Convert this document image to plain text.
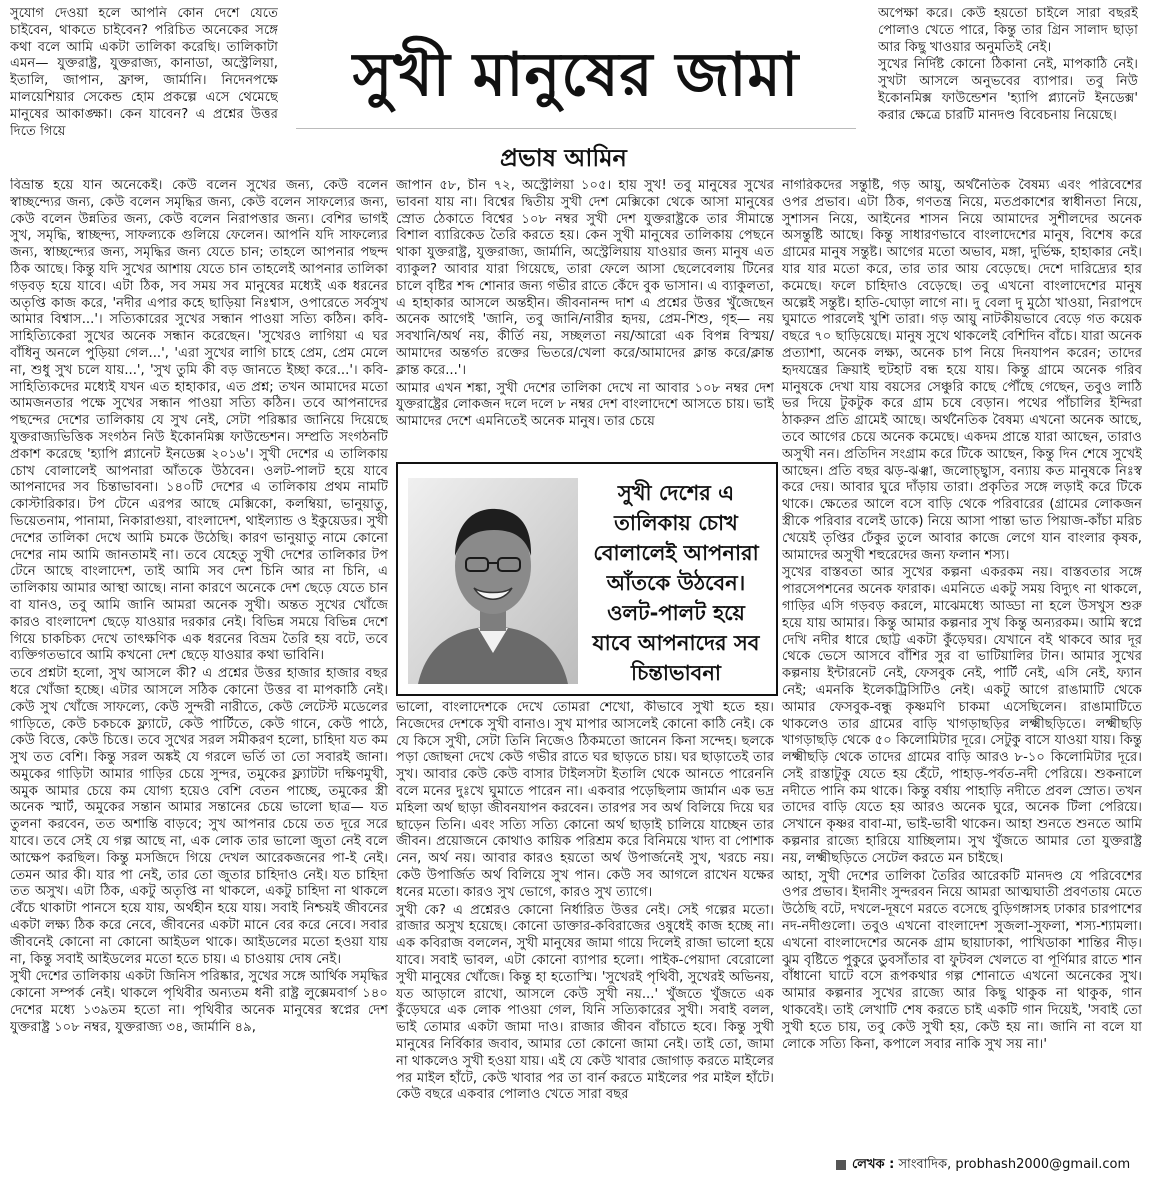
সুযোগ দেওয়া হলে আপনি কোন দেশে যেতে চাইবেন, থাকতে চাইবেন? পরিচিত অনেকের সঙ্গে কথা বলে আমি একটা তালিকা করেছি। তালিকাটা এমন— যুক্তরাষ্ট্র, যুক্তরাজ্য, কানাডা, অস্ট্রেলিয়া, ইতালি, জাপান, ফ্রান্স, জার্মানি। নিদেনপক্ষে মালয়েশিয়ার সেকেন্ড হোম প্রকল্পে এসে থেমেছে মানুষের আকাঙ্ক্ষা। কেন যাবেন? এ প্রশ্নের উত্তর দিতে গিয়ে

সুখী মানুষের জামা
প্রভাষ আমিন

বিভ্রান্ত হয়ে যান অনেকেই। কেউ বলেন সুখের জন্য, কেউ বলেন স্বাচ্ছন্দ্যের জন্য, কেউ বলেন সমৃদ্ধির জন্য, কেউ বলেন সাফল্যের জন্য, কেউ বলেন উন্নতির জন্য, কেউ বলেন নিরাপত্তার জন্য। বেশির ভাগই সুখ, সমৃদ্ধি, স্বাচ্ছন্দ্য, সাফল্যকে গুলিয়ে ফেলেন। আপনি যদি সাফল্যের জন্য, স্বাচ্ছন্দ্যের জন্য, সমৃদ্ধির জন্য যেতে চান; তাহলে আপনার পছন্দ ঠিক আছে। কিন্তু যদি সুখের আশায় যেতে চান তাহলেই আপনার তালিকা গড়বড় হয়ে যাবে। এটা ঠিক, সব সময় সব মানুষের মধ্যেই এক ধরনের অতৃপ্তি কাজ করে, 'নদীর এপার কহে ছাড়িয়া নিঃশ্বাস, ওপারেতে সর্বসুখ আমার বিশ্বাস...'। সত্যিকারের সুখের সন্ধান পাওয়া সত্যি কঠিন। কবি-সাহিত্যিকেরা সুখের অনেক সন্ধান করেছেন। 'সুখেরও লাগিয়া এ ঘর বাঁধিনু অনলে পুড়িয়া গেল...', 'এরা সুখের লাগি চাহে প্রেম, প্রেম মেলে না, শুধু সুখ চলে যায়...', 'সুখ তুমি কী বড় জানতে ইচ্ছা করে...'। কবি-সাহিত্যিকদের মধ্যেই যখন এত হাহাকার, এত প্রশ্ন; তখন আমাদের মতো আমজনতার পক্ষে সুখের সন্ধান পাওয়া সত্যি কঠিন। তবে আপনাদের পছন্দের দেশের তালিকায় যে সুখ নেই, সেটা পরিষ্কার জানিয়ে দিয়েছে যুক্তরাজ্যভিত্তিক সংগঠন নিউ ইকোনমিক্স ফাউন্ডেশন। সম্প্রতি সংগঠনটি প্রকাশ করেছে 'হ্যাপি প্ল্যানেট ইনডেক্স ২০১৬'। সুখী দেশের এ তালিকায় চোখ বোলালেই আপনারা আঁতকে উঠবেন। ওলট-পালট হয়ে যাবে আপনাদের সব চিন্তাভাবনা। ১৪০টি দেশের এ তালিকায় প্রথম নামটি কোস্টারিকার। টপ টেনে এরপর আছে মেক্সিকো, কলম্বিয়া, ভানুয়াতু, ভিয়েতনাম, পানামা, নিকারাগুয়া, বাংলাদেশ, থাইল্যান্ড ও ইকুয়েডর। সুখী দেশের তালিকা দেখে আমি চমকে উঠেছি। কারণ ভানুয়াতু নামে কোনো দেশের নাম আমি জানতামই না। তবে যেহেতু সুখী দেশের তালিকার টপ টেনে আছে বাংলাদেশ, তাই আমি সব দেশ চিনি আর না চিনি, এ তালিকায় আমার আস্থা আছে। নানা কারণে অনেকে দেশ ছেড়ে যেতে চান বা যানও, তবু আমি জানি আমরা অনেক সুখী। অন্তত সুখের খোঁজে কারও বাংলাদেশ ছেড়ে যাওয়ার দরকার নেই। বিভিন্ন সময়ে বিভিন্ন দেশে গিয়ে চাকচিক্য দেখে তাৎক্ষণিক এক ধরনের বিভ্রম তৈরি হয় বটে, তবে ব্যক্তিগতভাবে আমি কখনো দেশ ছেড়ে যাওয়ার কথা ভাবিনি।

তবে প্রশ্নটা হলো, সুখ আসলে কী? এ প্রশ্নের উত্তর হাজার হাজার বছর ধরে খোঁজা হচ্ছে। এটার আসলে সঠিক কোনো উত্তর বা মাপকাঠি নেই। কেউ সুখ খোঁজে সাফল্যে, কেউ সুন্দরী নারীতে, কেউ লেটেস্ট মডেলের গাড়িতে, কেউ চকচকে ফ্ল্যাটে, কেউ পার্টিতে, কেউ গানে, কেউ পাঠে, কেউ বিত্তে, কেউ চিত্তে। তবে সুখের সরল সমীকরণ হলো, চাহিদা যত কম সুখ তত বেশি। কিন্তু সরল অঙ্কই যে গরলে ভর্তি তা তো সবারই জানা। অমুকের গাড়িটা আমার গাড়ির চেয়ে সুন্দর, তমুকের ফ্ল্যাটটা দক্ষিণমুখী, অমুক আমার চেয়ে কম যোগ্য হয়েও বেশি বেতন পাচ্ছে, তমুকের স্ত্রী অনেক স্মার্ট, অমুকের সন্তান আমার সন্তানের চেয়ে ভালো ছাত্র— যত তুলনা করবেন, তত অশান্তি বাড়বে; সুখ আপনার চেয়ে তত দূরে সরে যাবে। তবে সেই যে গল্প আছে না, এক লোক তার ভালো জুতা নেই বলে আক্ষেপ করছিল। কিন্তু মসজিদে গিয়ে দেখল আরেকজনের পা-ই নেই। তেমন আর কী। যার পা নেই, তার তো জুতার চাহিদাও নেই। যত চাহিদা তত অসুখ। এটা ঠিক, একটু অতৃপ্তি না থাকলে, একটু চাহিদা না থাকলে বেঁচে থাকাটা পানসে হয়ে যায়, অর্থহীন হয়ে যায়। সবাই নিশ্চয়ই জীবনের একটা লক্ষ্য ঠিক করে নেবে, জীবনের একটা মানে বের করে নেবে। সবার জীবনেই কোনো না কোনো আইডল থাকে। আইডলের মতো হওয়া যায় না, কিন্তু সবাই আইডলের মতো হতে চায়। এ চাওয়ায় দোষ নেই।

সুখী দেশের তালিকায় একটা জিনিস পরিষ্কার, সুখের সঙ্গে আর্থিক সমৃদ্ধির কোনো সম্পর্ক নেই। থাকলে পৃথিবীর অন্যতম ধনী রাষ্ট্র লুক্সেমবার্গ ১৪০ দেশের মধ্যে ১৩৯তম হতো না। পৃথিবীর অনেক মানুষের স্বপ্নের দেশ যুক্তরাষ্ট্র ১০৮ নম্বর, যুক্তরাজ্য ৩৪, জার্মানি ৪৯,

জাপান ৫৮, চীন ৭২, অস্ট্রেলিয়া ১০৫। হায় সুখ! তবু মানুষের সুখের ভাবনা যায় না। বিশ্বের দ্বিতীয় সুখী দেশ মেক্সিকো থেকে আসা মানুষের স্রোত ঠেকাতে বিশ্বের ১০৮ নম্বর সুখী দেশ যুক্তরাষ্ট্রকে তার সীমান্তে বিশাল ব্যারিকেড তৈরি করতে হয়। কেন সুখী মানুষের তালিকায় পেছনে থাকা যুক্তরাষ্ট্র, যুক্তরাজ্য, জার্মানি, অস্ট্রেলিয়ায় যাওয়ার জন্য মানুষ এত ব্যাকুল? আবার যারা গিয়েছে, তারা ফেলে আসা ছেলেবেলায় টিনের চালে বৃষ্টির শব্দ শোনার জন্য গভীর রাতে কেঁদে বুক ভাসান। এ ব্যাকুলতা, এ হাহাকার আসলে অন্তহীন। জীবনানন্দ দাশ এ প্রশ্নের উত্তর খুঁজেছেন অনেক আগেই 'জানি, তবু জানি/নারীর হৃদয়, প্রেম-শিশু, গৃহ— নয় সবখানি/অর্থ নয়, কীর্তি নয়, সচ্ছলতা নয়/আরো এক বিপন্ন বিস্ময়/আমাদের অন্তর্গত রক্তের ভিতরে/খেলা করে/আমাদের ক্লান্ত করে/ক্লান্ত ক্লান্ত করে...'।

আমার এখন শঙ্কা, সুখী দেশের তালিকা দেখে না আবার ১০৮ নম্বর দেশ যুক্তরাষ্ট্রের লোকজন দলে দলে ৮ নম্বর দেশ বাংলাদেশে আসতে চায়। ভাই আমাদের দেশে এমনিতেই অনেক মানুষ। তার চেয়ে

সুখী দেশের এ তালিকায় চোখ বোলালেই আপনারা আঁতকে উঠবেন। ওলট-পালট হয়ে যাবে আপনাদের সব চিন্তাভাবনা

ভালো, বাংলাদেশকে দেখে তোমরা শেখো, কীভাবে সুখী হতে হয়। নিজেদের দেশকে সুখী বানাও। সুখ মাপার আসলেই কোনো কাঠি নেই। কে যে কিসে সুখী, সেটা তিনি নিজেও ঠিকমতো জানেন কিনা সন্দেহ। ছলকে পড়া জোছনা দেখে কেউ গভীর রাতে ঘর ছাড়তে চায়। ঘর ছাড়াতেই তার সুখ। আবার কেউ কেউ বাসার টাইলসটা ইতালি থেকে আনতে পারেননি বলে মনের দুঃখে ঘুমাতে পারেন না। একবার পড়েছিলাম জার্মান এক ভদ্র মহিলা অর্থ ছাড়া জীবনযাপন করবেন। তারপর সব অর্থ বিলিয়ে দিয়ে ঘর ছাড়েন তিনি। এবং সত্যি সত্যি কোনো অর্থ ছাড়াই চালিয়ে যাচ্ছেন তার জীবন। প্রয়োজনে কোথাও কায়িক পরিশ্রম করে বিনিময়ে খাদ্য বা পোশাক নেন, অর্থ নয়। আবার কারও হয়তো অর্থ উপার্জনেই সুখ, খরচে নয়। কেউ উপার্জিত অর্থ বিলিয়ে সুখ পান। কেউ সব আগলে রাখেন যক্ষের ধনের মতো। কারও সুখ ভোগে, কারও সুখ ত্যাগে।

সুখী কে? এ প্রশ্নেরও কোনো নির্ধারিত উত্তর নেই। সেই গল্পের মতো। রাজার অসুখ হয়েছে। কোনো ডাক্তার-কবিরাজের ওষুধেই কাজ হচ্ছে না। এক কবিরাজ বললেন, সুখী মানুষের জামা গায়ে দিলেই রাজা ভালো হয়ে যাবে। সবাই ভাবল, এটা কোনো ব্যাপার হলো। পাইক-পেয়াদা বেরোলো সুখী মানুষের খোঁজে। কিন্তু হা হতোস্মি। 'সুখেরই পৃথিবী, সুখেরই অভিনয়, যত আড়ালে রাখো, আসলে কেউ সুখী নয়...' খুঁজতে খুঁজতে এক কুঁড়েঘরে এক লোক পাওয়া গেল, যিনি সত্যিকারের সুখী। সবাই বলল, ভাই তোমার একটা জামা দাও। রাজার জীবন বাঁচাতে হবে। কিন্তু সুখী মানুষের নির্বিকার জবাব, আমার তো কোনো জামা নেই। তাই তো, জামা না থাকলেও সুখী হওয়া যায়। এই যে কেউ খাবার জোগাড় করতে মাইলের পর মাইল হাঁটে, কেউ খাবার পর তা বার্ন করতে মাইলের পর মাইল হাঁটে। কেউ বছরে একবার পোলাও খেতে সারা বছর

অপেক্ষা করে। কেউ হয়তো চাইলে সারা বছরই পোলাও খেতে পারে, কিন্তু তার গ্রিন সালাদ ছাড়া আর কিছু খাওয়ার অনুমতিই নেই।

সুখের নির্দিষ্ট কোনো ঠিকানা নেই, মাপকাঠি নেই। সুখটা আসলে অনুভবের ব্যাপার। তবু নিউ ইকোনমিক্স ফাউন্ডেশন 'হ্যাপি প্ল্যানেট ইনডেক্স' করার ক্ষেত্রে চারটি মানদণ্ড বিবেচনায় নিয়েছে।

নাগরিকদের সন্তুষ্টি, গড় আয়ু, অর্থনৈতিক বৈষম্য এবং পরিবেশের ওপর প্রভাব। এটা ঠিক, গণতন্ত্র নিয়ে, মতপ্রকাশের স্বাধীনতা নিয়ে, সুশাসন নিয়ে, আইনের শাসন নিয়ে আমাদের সুশীলদের অনেক অসন্তুষ্টি আছে। কিন্তু সাধারণভাবে বাংলাদেশের মানুষ, বিশেষ করে গ্রামের মানুষ সন্তুষ্ট। আগের মতো অভাব, মঙ্গা, দুর্ভিক্ষ, হাহাকার নেই। যার যার মতো করে, তার তার আয় বেড়েছে। দেশে দারিদ্র্যের হার কমেছে। ফলে চাহিদাও বেড়েছে। তবু এখনো বাংলাদেশের মানুষ অল্পেই সন্তুষ্ট। হাতি-ঘোড়া লাগে না। দু বেলা দু মুঠো খাওয়া, নিরাপদে ঘুমাতে পারলেই খুশি তারা। গড় আয়ু নাটকীয়ভাবে বেড়ে গত কয়েক বছরে ৭০ ছাড়িয়েছে। মানুষ সুখে থাকলেই বেশিদিন বাঁচে। যারা অনেক প্রত্যাশা, অনেক লক্ষ্য, অনেক চাপ নিয়ে দিনযাপন করেন; তাদের হৃদযন্ত্রের ক্রিয়াই হুটহাট বন্ধ হয়ে যায়। কিন্তু গ্রামে অনেক গরিব মানুষকে দেখা যায় বয়সের সেঞ্চুরি কাছে পৌঁছে গেছেন, তবুও লাঠি ভর দিয়ে টুকটুক করে গ্রাম চষে বেড়ান। পথের পাঁচালির ইন্দিরা ঠাকরুন প্রতি গ্রামেই আছে। অর্থনৈতিক বৈষম্য এখনো অনেক আছে, তবে আগের চেয়ে অনেক কমেছে। একদম প্রান্তে যারা আছেন, তারাও অসুখী নন। প্রতিদিন সংগ্রাম করে টিকে আছেন, কিন্তু দিন শেষে সুখেই আছেন। প্রতি বছর ঝড়-ঝঞ্ঝা, জলোচ্ছ্বাস, বন্যায় কত মানুষকে নিঃস্ব করে দেয়। আবার ঘুরে দাঁড়ায় তারা। প্রকৃতির সঙ্গে লড়াই করে টিকে থাকে। ক্ষেতের আলে বসে বাড়ি থেকে পরিবারের (গ্রামের লোকজন স্ত্রীকে পরিবার বলেই ডাকে) নিয়ে আসা পান্তা ভাত পিয়াজ-কাঁচা মরিচ খেয়েই তৃপ্তির ঢেঁকুর তুলে আবার কাজে লেগে যান বাংলার কৃষক, আমাদের অসুখী শহুরেদের জন্য ফলান শস্য।

সুখের বাস্তবতা আর সুখের কল্পনা একরকম নয়। বাস্তবতার সঙ্গে পারসেপশনের অনেক ফারাক। এমনিতে একটু সময় বিদ্যুৎ না থাকলে, গাড়ির এসি গড়বড় করলে, মাঝেমধ্যে আড্ডা না হলে উসখুস শুরু হয়ে যায় আমার। কিন্তু আমার কল্পনার সুখ কিন্তু অন্যরকম। আমি স্বপ্নে দেখি নদীর ধারে ছোট্ট একটা কুঁড়েঘর। যেখানে বই থাকবে আর দূর থেকে ভেসে আসবে বাঁশির সুর বা ভাটিয়ালির টান। আমার সুখের কল্পনায় ইন্টারনেট নেই, ফেসবুক নেই, পার্টি নেই, এসি নেই, ফ্যান নেই; এমনকি ইলেকট্রিসিটিও নেই। একটু আগে রাঙামাটি থেকে আমার ফেসবুক-বন্ধু কৃষ্ণমণি চাকমা এসেছিলেন। রাঙামাটিতে থাকলেও তার গ্রামের বাড়ি খাগড়াছড়ির লক্ষ্মীছড়িতে। লক্ষ্মীছড়ি খাগড়াছড়ি থেকে ৫০ কিলোমিটার দূরে। সেটুকু বাসে যাওয়া যায়। কিন্তু লক্ষ্মীছড়ি থেকে তাদের গ্রামের বাড়ি আরও ৮-১০ কিলোমিটার দূরে। সেই রাস্তাটুকু যেতে হয় হেঁটে, পাহাড়-পর্বত-নদী পেরিয়ে। শুকনালে নদীতে পানি কম থাকে। কিন্তু বর্ষায় পাহাড়ি নদীতে প্রবল স্রোত। তখন তাদের বাড়ি যেতে হয় আরও অনেক ঘুরে, অনেক টিলা পেরিয়ে। সেখানে কৃষ্ণর বাবা-মা, ভাই-ভাবী থাকেন। আহা শুনতে শুনতে আমি কল্পনার রাজ্যে হারিয়ে যাচ্ছিলাম। সুখ খুঁজতে আমার তো যুক্তরাষ্ট্র নয়, লক্ষ্মীছড়িতে সেটেল করতে মন চাইছে।

আহা, সুখী দেশের তালিকা তৈরির আরেকটি মানদণ্ড যে পরিবেশের ওপর প্রভাব। ইদানীং সুন্দরবন নিয়ে আমরা আত্মঘাতী প্রবণতায় মেতে উঠেছি বটে, দখলে-দূষণে মরতে বসেছে বুড়িগঙ্গাসহ ঢাকার চারপাশের নদ-নদীগুলো। তবুও এখনো বাংলাদেশ সুজলা-সুফলা, শস্য-শ্যামলা। এখনো বাংলাদেশের অনেক গ্রাম ছায়াঢাকা, পাখিডাকা শান্তির নীড়। ঝুম বৃষ্টিতে পুকুরে ডুবসাঁতার বা ফুটবল খেলতে বা পূর্ণিমার রাতে শান বাঁধানো ঘাটে বসে রূপকথার গল্প শোনাতে এখনো অনেকের সুখ। আমার কল্পনার সুখের রাজ্যে আর কিছু থাকুক না থাকুক, গান থাকবেই। তাই লেখাটি শেষ করতে চাই একটি গান দিয়েই, 'সবাই তো সুখী হতে চায়, তবু কেউ সুখী হয়, কেউ হয় না। জানি না বলে যা লোকে সত্যি কিনা, কপালে সবার নাকি সুখ সয় না।'

লেখক : সাংবাদিক, probhash2000@gmail.com
